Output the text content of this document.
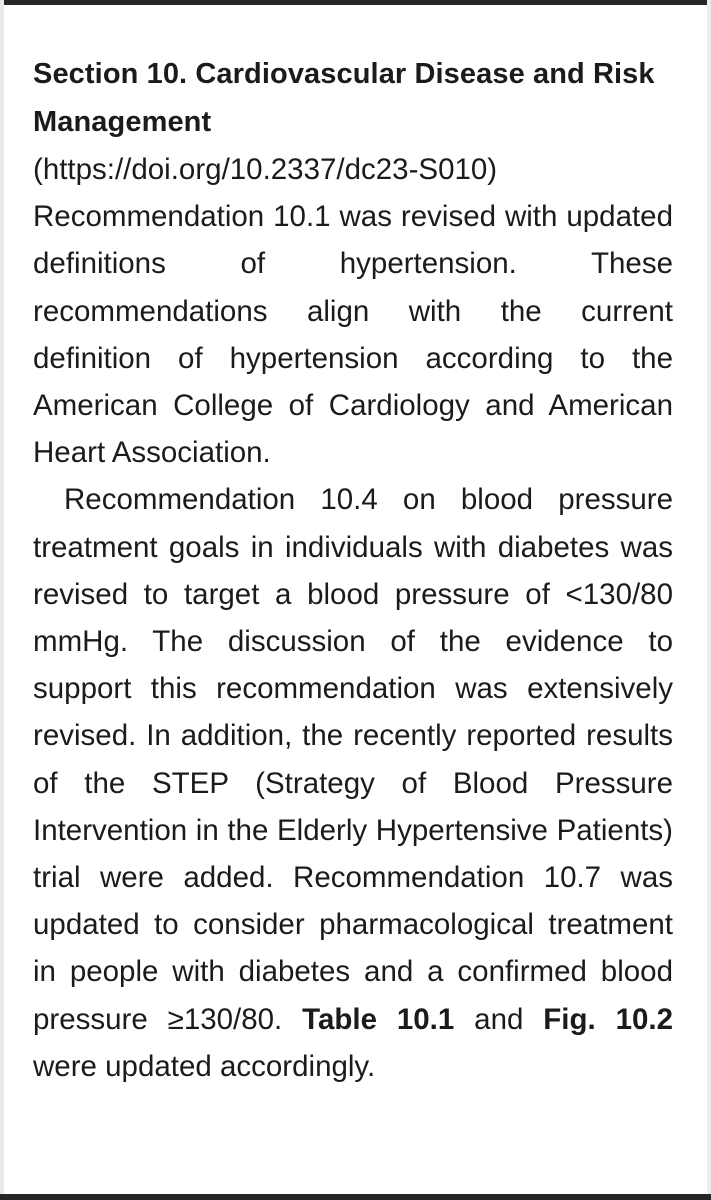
Section 10. Cardiovascular Disease and Risk Management

(https://doi.org/10.2337/dc23-S010)
Recommendation 10.1 was revised with updated definitions of hypertension. These recommendations align with the current definition of hypertension according to the American College of Cardiology and American Heart Association.

Recommendation 10.4 on blood pressure treatment goals in individuals with diabetes was revised to target a blood pressure of <130/80 mmHg. The discussion of the evidence to support this recommendation was extensively revised. In addition, the recently reported results of the STEP (Strategy of Blood Pressure Intervention in the Elderly Hypertensive Patients) trial were added. Recommendation 10.7 was updated to consider pharmacological treatment in people with diabetes and a confirmed blood pressure ≥130/80. Table 10.1 and Fig. 10.2 were updated accordingly.
